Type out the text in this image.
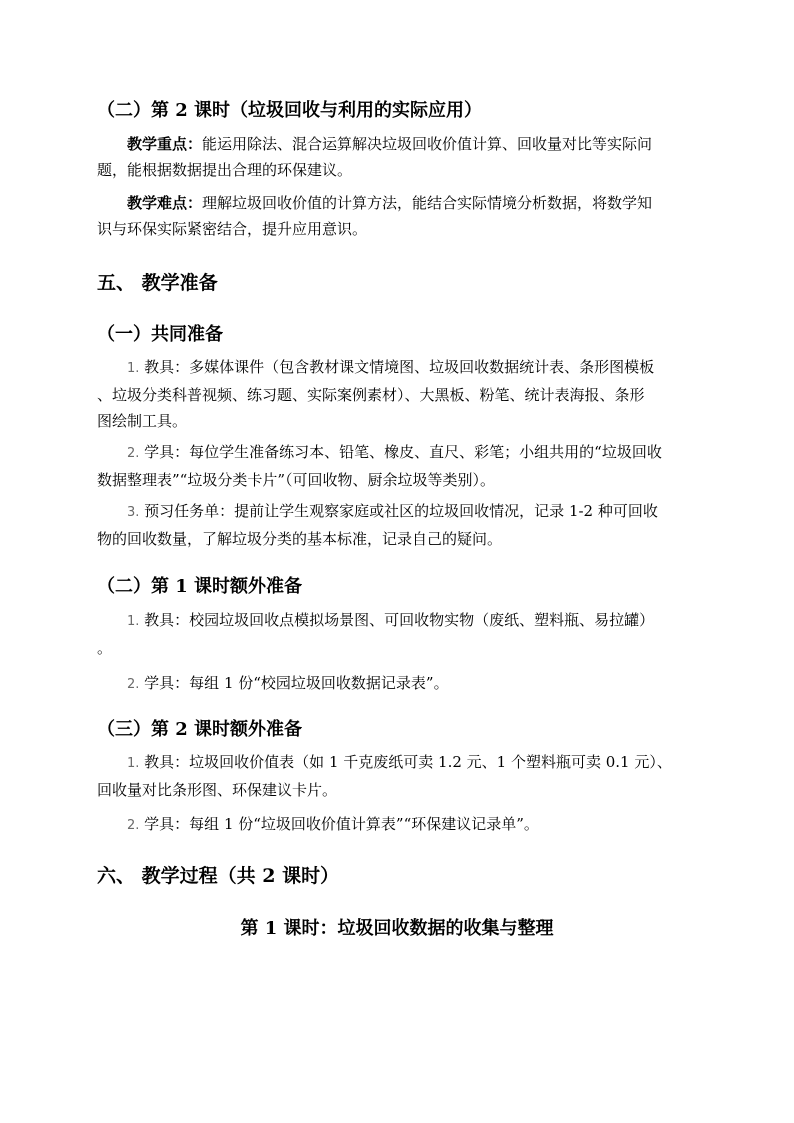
（二）第 2 课时（垃圾回收与利用的实际应用）
教学重点：能运用除法、混合运算解决垃圾回收价值计算、回收量对比等实际问
题，能根据数据提出合理的环保建议。
教学难点：理解垃圾回收价值的计算方法，能结合实际情境分析数据，将数学知
识与环保实际紧密结合，提升应用意识。
五、 教学准备
（一）共同准备
1. 教具：多媒体课件（包含教材课文情境图、垃圾回收数据统计表、条形图模板
、垃圾分类科普视频、练习题、实际案例素材）、大黑板、粉笔、统计表海报、条形
图绘制工具。
2. 学具：每位学生准备练习本、铅笔、橡皮、直尺、彩笔；小组共用的“垃圾回收
数据整理表”“垃圾分类卡片”（可回收物、厨余垃圾等类别）。
3. 预习任务单：提前让学生观察家庭或社区的垃圾回收情况，记录 1-2 种可回收
物的回收数量，了解垃圾分类的基本标准，记录自己的疑问。
（二）第 1 课时额外准备
1. 教具：校园垃圾回收点模拟场景图、可回收物实物（废纸、塑料瓶、易拉罐）
。
2. 学具：每组 1 份“校园垃圾回收数据记录表”。
（三）第 2 课时额外准备
1. 教具：垃圾回收价值表（如 1 千克废纸可卖 1.2 元、1 个塑料瓶可卖 0.1 元）、
回收量对比条形图、环保建议卡片。
2. 学具：每组 1 份“垃圾回收价值计算表”“环保建议记录单”。
六、 教学过程（共 2 课时）
第 1 课时：垃圾回收数据的收集与整理
